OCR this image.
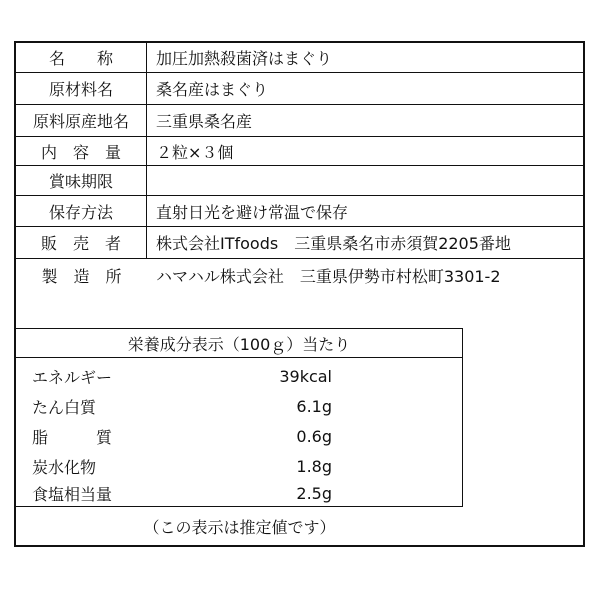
名　　称	加圧加熱殺菌済はまぐり
原材料名	桑名産はまぐり
原料原産地名	三重県桑名産
内　容　量	２粒×３個
賞味期限
保存方法	直射日光を避け常温で保存
販　売　者	株式会社ITfoods　三重県桑名市赤須賀2205番地
製　造　所	ハマハル株式会社　三重県伊勢市村松町3301-2
栄養成分表示（100ｇ）当たり
エネルギー	39kcal
たん白質	6.1g
脂　　　質	0.6g
炭水化物	1.8g
食塩相当量	2.5g
（この表示は推定値です）
